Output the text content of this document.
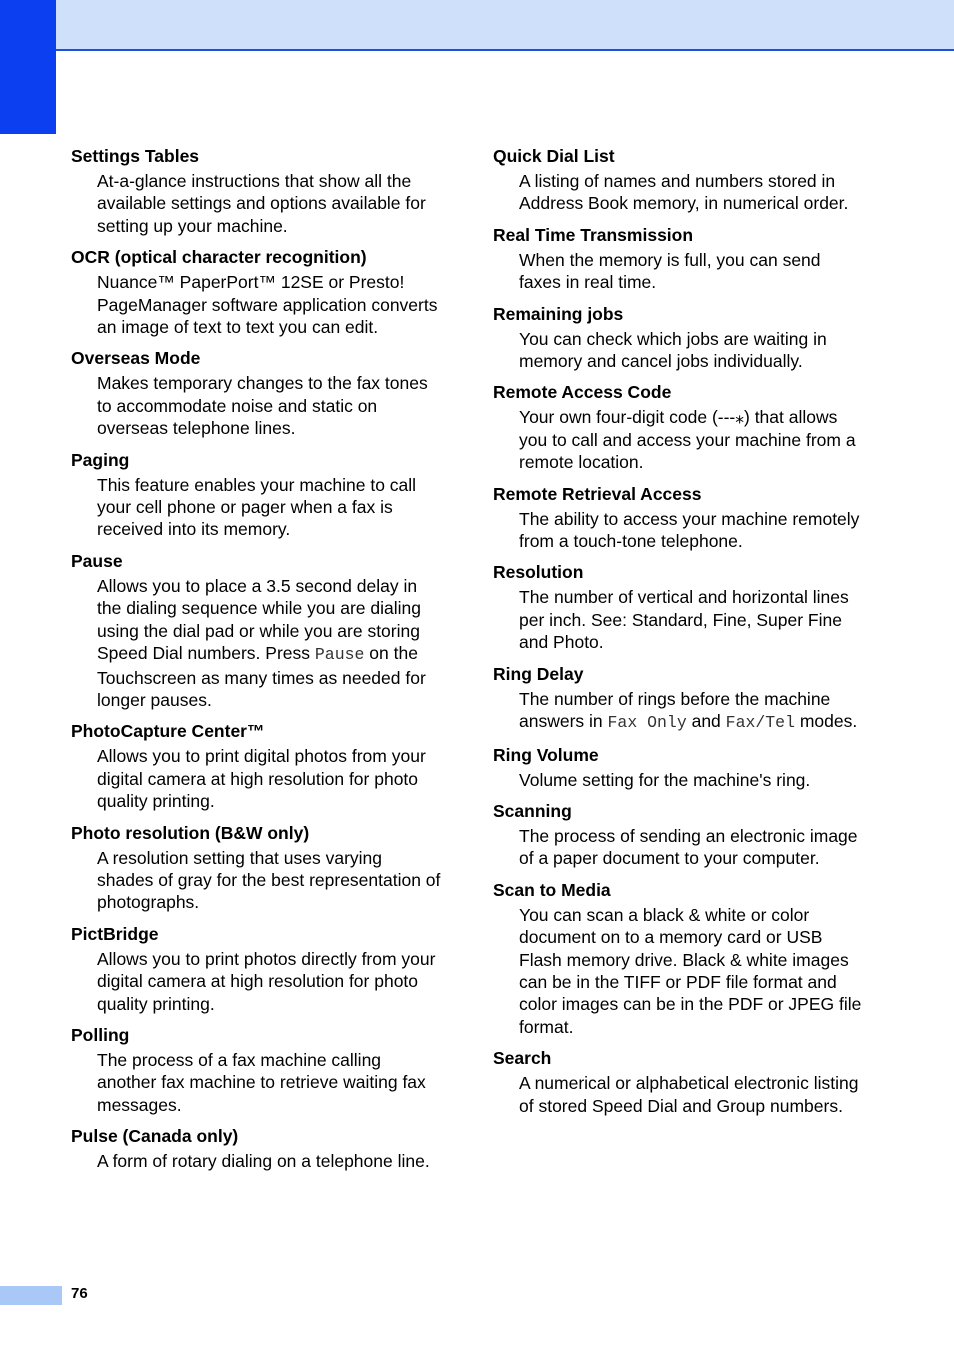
Settings Tables

At-a-glance instructions that show all the available settings and options available for setting up your machine.

OCR (optical character recognition)

Nuance™ PaperPort™ 12SE or Presto! PageManager software application converts an image of text to text you can edit.

Overseas Mode

Makes temporary changes to the fax tones to accommodate noise and static on overseas telephone lines.

Paging

This feature enables your machine to call your cell phone or pager when a fax is received into its memory.

Pause

Allows you to place a 3.5 second delay in the dialing sequence while you are dialing using the dial pad or while you are storing Speed Dial numbers. Press Pause on the Touchscreen as many times as needed for longer pauses.

PhotoCapture Center™

Allows you to print digital photos from your digital camera at high resolution for photo quality printing.

Photo resolution (B&W only)

A resolution setting that uses varying shades of gray for the best representation of photographs.

PictBridge

Allows you to print photos directly from your digital camera at high resolution for photo quality printing.

Polling

The process of a fax machine calling another fax machine to retrieve waiting fax messages.

Pulse (Canada only)

A form of rotary dialing on a telephone line.

Quick Dial List

A listing of names and numbers stored in Address Book memory, in numerical order.

Real Time Transmission

When the memory is full, you can send faxes in real time.

Remaining jobs

You can check which jobs are waiting in memory and cancel jobs individually.

Remote Access Code

Your own four-digit code (---⁎) that allows you to call and access your machine from a remote location.

Remote Retrieval Access

The ability to access your machine remotely from a touch-tone telephone.

Resolution

The number of vertical and horizontal lines per inch. See: Standard, Fine, Super Fine and Photo.

Ring Delay

The number of rings before the machine answers in Fax Only and Fax/Tel modes.

Ring Volume

Volume setting for the machine's ring.

Scanning

The process of sending an electronic image of a paper document to your computer.

Scan to Media

You can scan a black & white or color document on to a memory card or USB Flash memory drive. Black & white images can be in the TIFF or PDF file format and color images can be in the PDF or JPEG file format.

Search

A numerical or alphabetical electronic listing of stored Speed Dial and Group numbers.

76
